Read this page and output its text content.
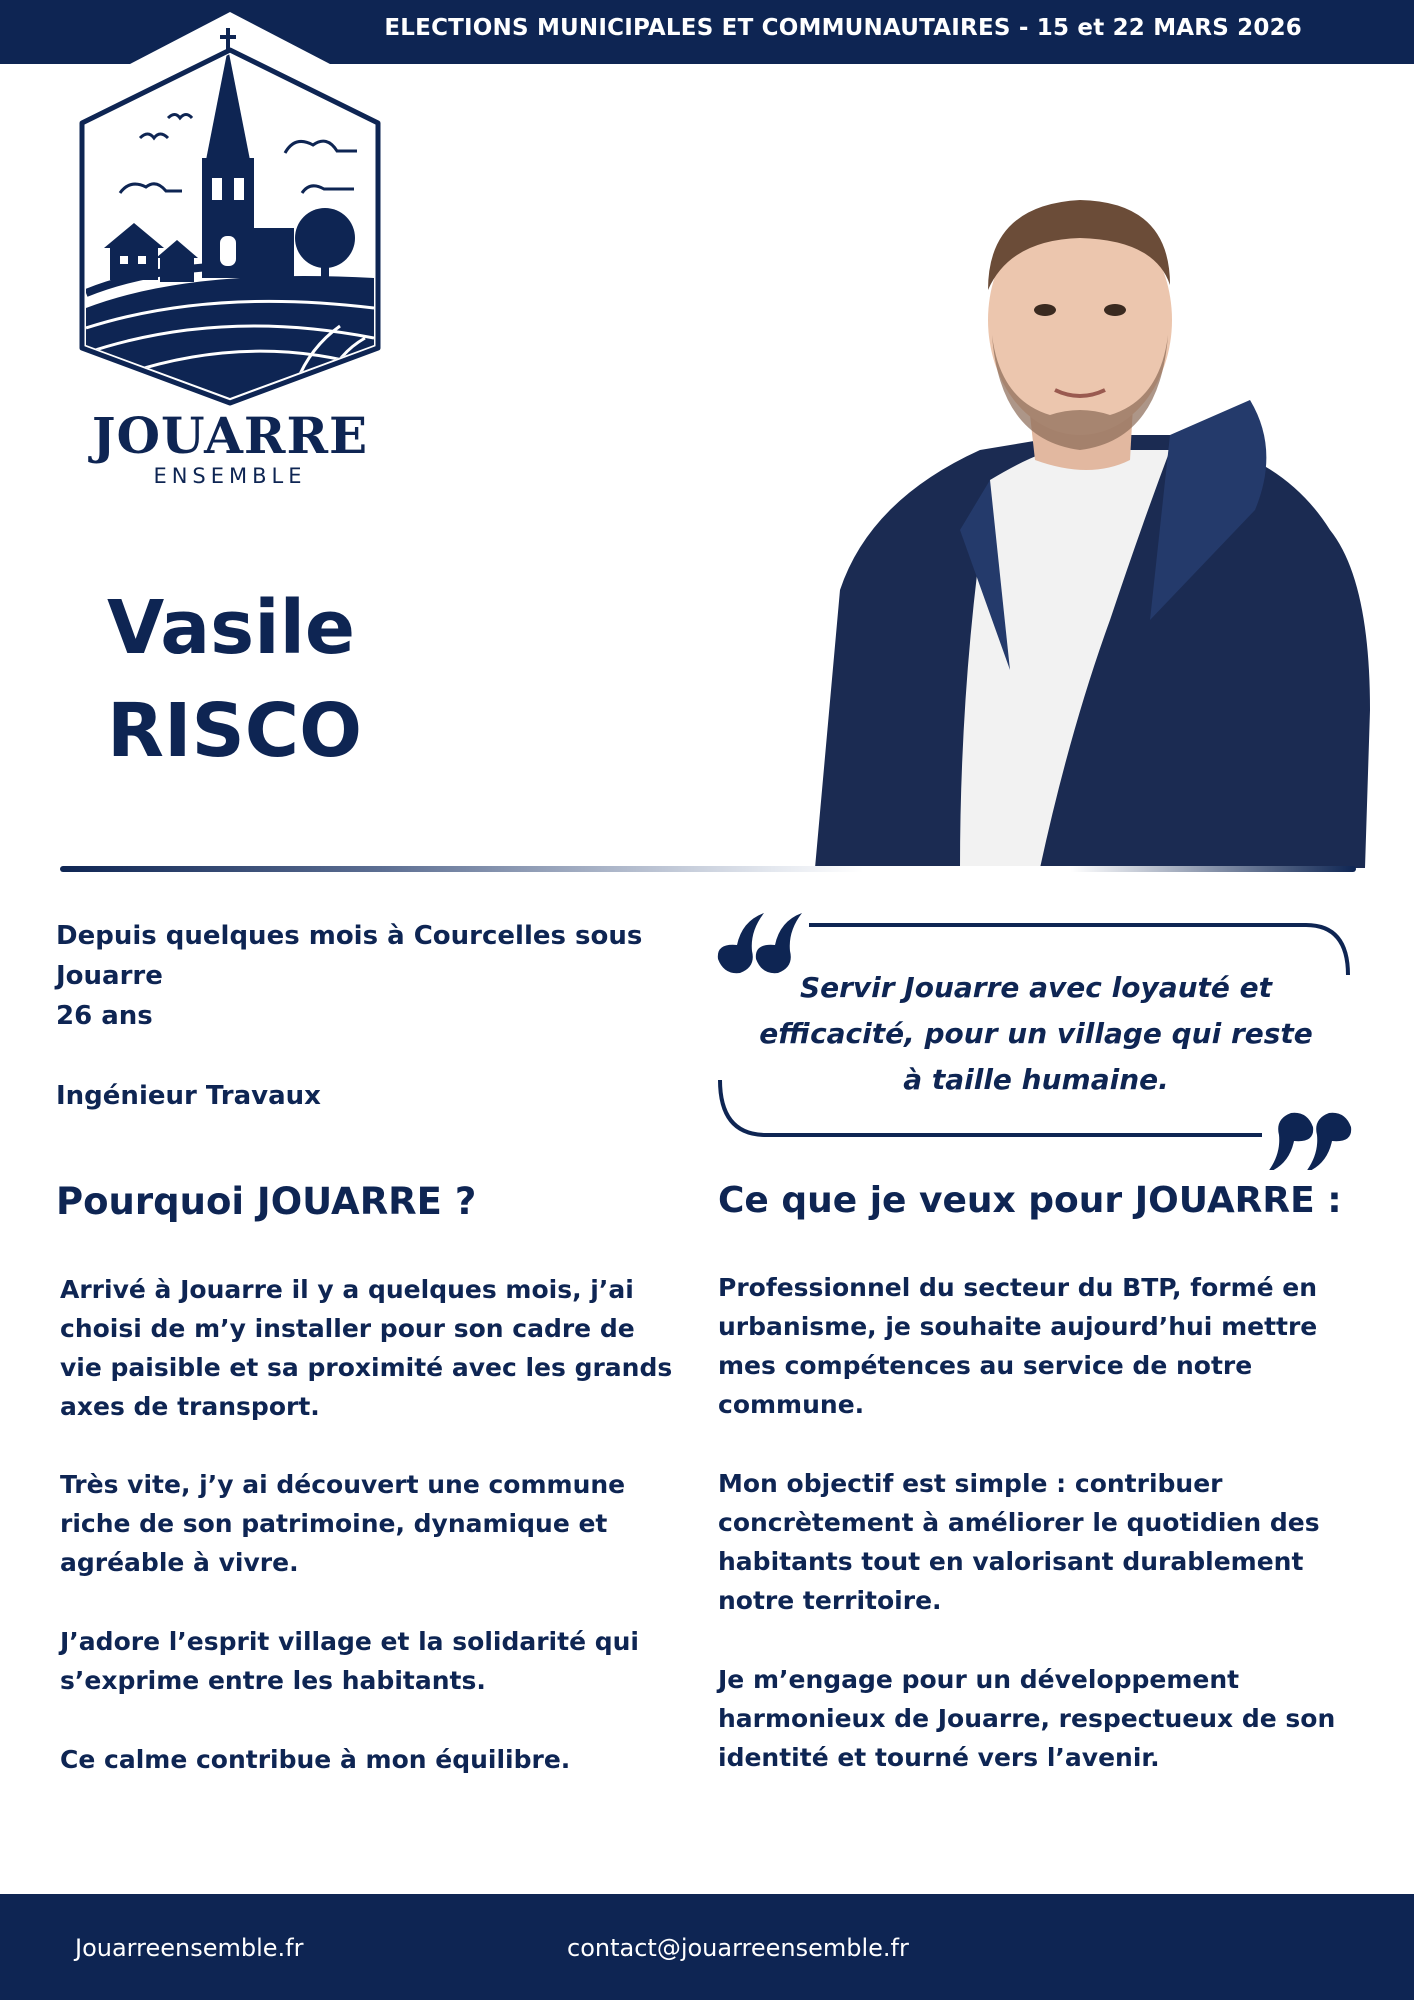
ELECTIONS MUNICIPALES ET COMMUNAUTAIRES - 15 et 22 MARS 2026
JOUARRE
ENSEMBLE
Vasile
RISCO
Depuis quelques mois à Courcelles sous Jouarre
26 ans
Ingénieur Travaux
Servir Jouarre avec loyauté et efficacité, pour un village qui reste à taille humaine.
Pourquoi JOUARRE ?	Ce que je veux pour JOUARRE :
Arrivé à Jouarre il y a quelques mois, j’ai choisi de m’y installer pour son cadre de vie paisible et sa proximité avec les grands axes de transport.
Très vite, j’y ai découvert une commune riche de son patrimoine, dynamique et agréable à vivre.
J’adore l’esprit village et la solidarité qui s’exprime entre les habitants.
Ce calme contribue à mon équilibre.
Professionnel du secteur du BTP, formé en urbanisme, je souhaite aujourd’hui mettre mes compétences au service de notre commune.
Mon objectif est simple : contribuer concrètement à améliorer le quotidien des habitants tout en valorisant durablement notre territoire.
Je m’engage pour un développement harmonieux de Jouarre, respectueux de son identité et tourné vers l’avenir.
Jouarreensemble.fr	contact@jouarreensemble.fr
